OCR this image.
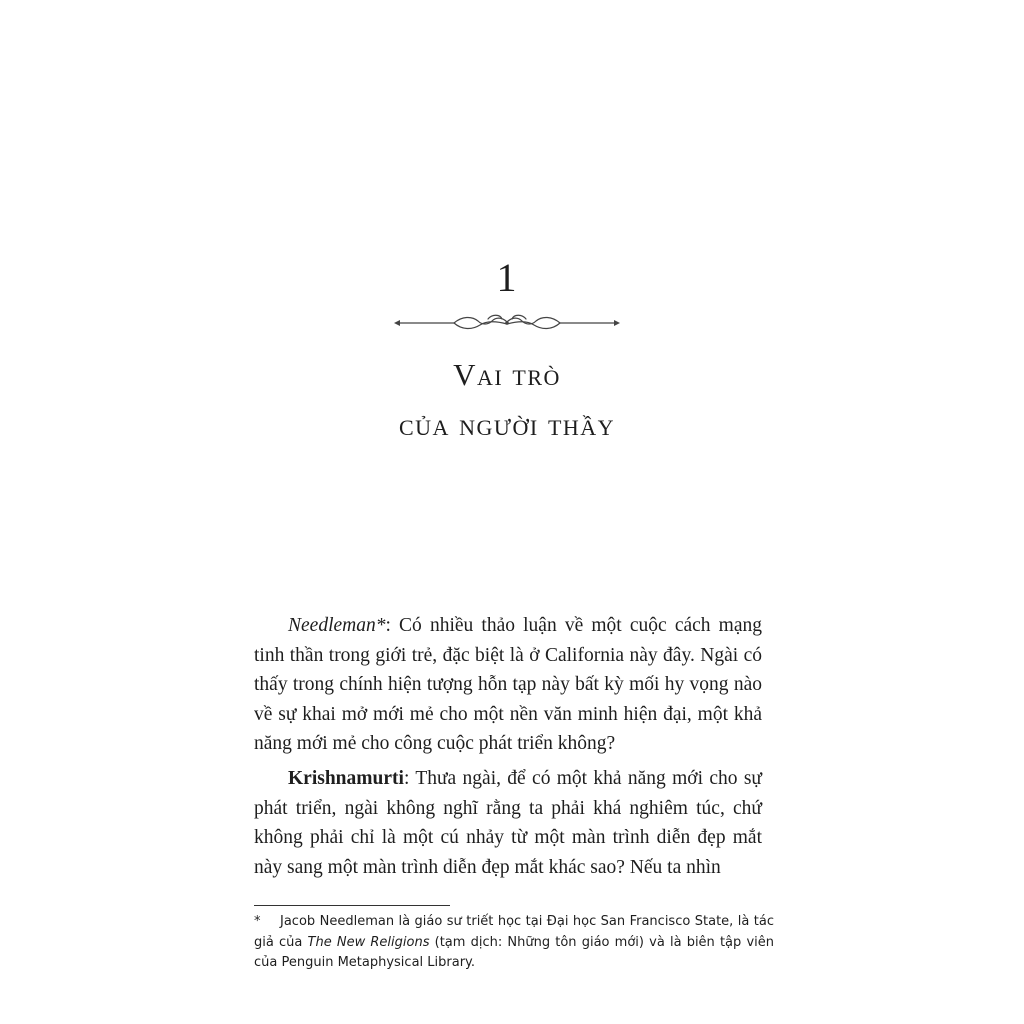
1
Vai trò
của người thầy

Needleman*: Có nhiều thảo luận về một cuộc cách mạng tinh thần trong giới trẻ, đặc biệt là ở California này đây. Ngài có thấy trong chính hiện tượng hỗn tạp này bất kỳ mối hy vọng nào về sự khai mở mới mẻ cho một nền văn minh hiện đại, một khả năng mới mẻ cho công cuộc phát triển không?

Krishnamurti: Thưa ngài, để có một khả năng mới cho sự phát triển, ngài không nghĩ rằng ta phải khá nghiêm túc, chứ không phải chỉ là một cú nhảy từ một màn trình diễn đẹp mắt này sang một màn trình diễn đẹp mắt khác sao? Nếu ta nhìn

* Jacob Needleman là giáo sư triết học tại Đại học San Francisco State, là tác giả của The New Religions (tạm dịch: Những tôn giáo mới) và là biên tập viên của Penguin Metaphysical Library.
